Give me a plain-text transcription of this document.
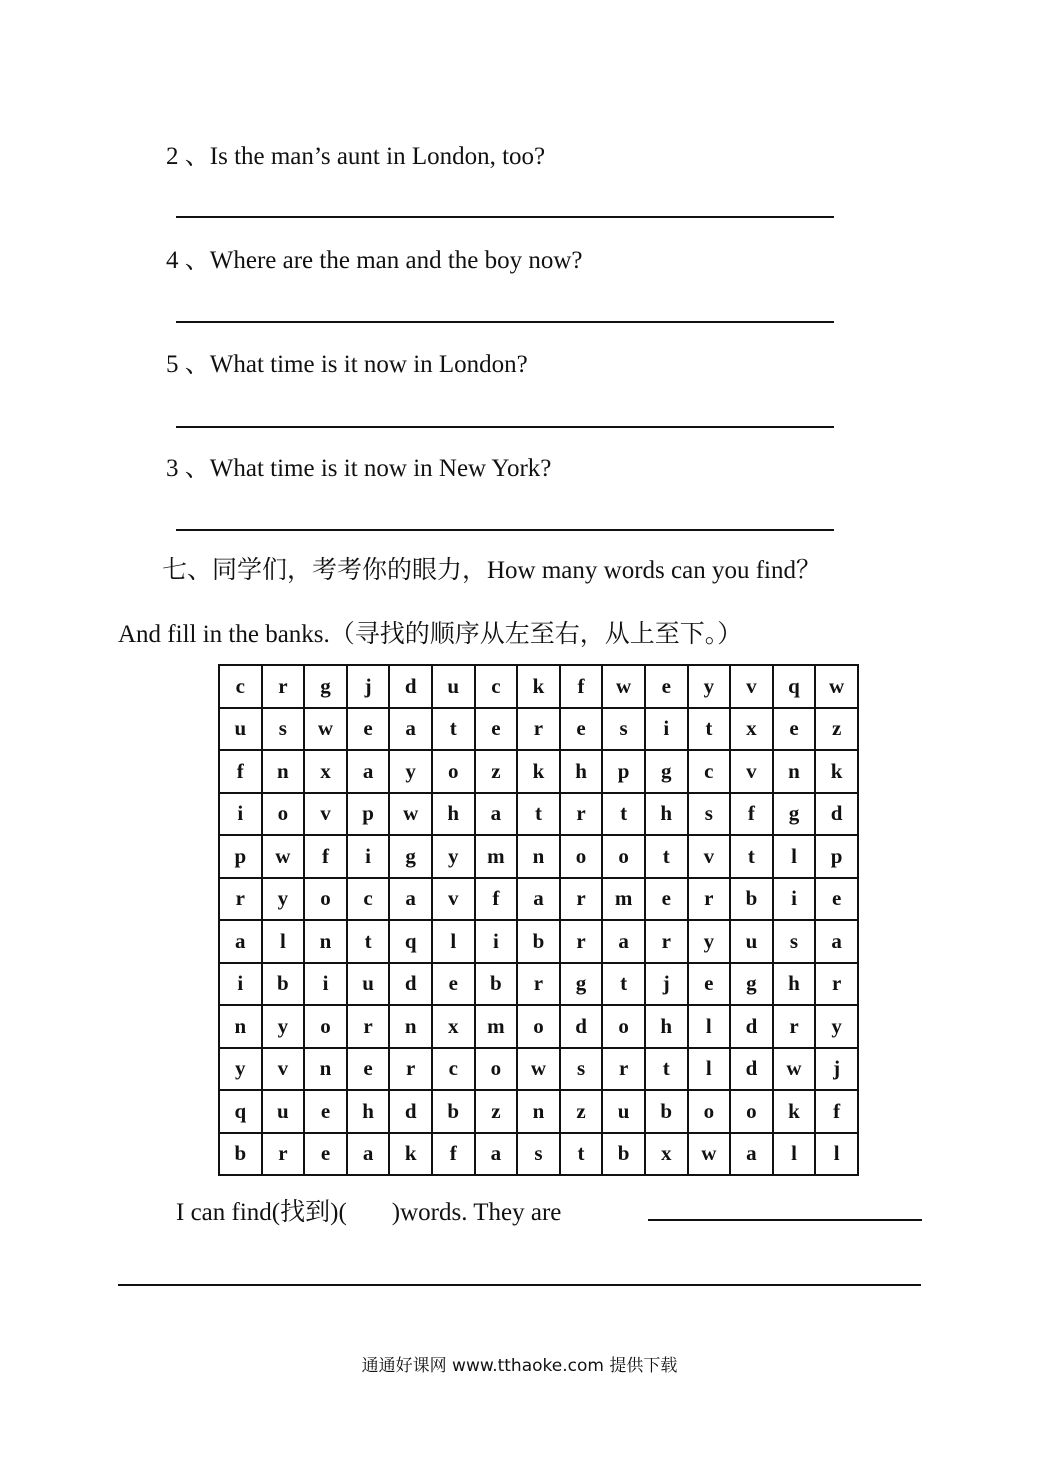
2 、Is the man’s aunt in London, too?
4 、Where are the man and the boy now?
5 、What time is it now in London?
3 、What time is it now in New York?
七、同学们，考考你的眼力，How many words can you find？
And fill in the banks.（寻找的顺序从左至右，从上至下。）
c	r	g	j	d	u	c	k	f	w	e	y	v	q	w
u	s	w	e	a	t	e	r	e	s	i	t	x	e	z
f	n	x	a	y	o	z	k	h	p	g	c	v	n	k
i	o	v	p	w	h	a	t	r	t	h	s	f	g	d
p	w	f	i	g	y	m	n	o	o	t	v	t	l	p
r	y	o	c	a	v	f	a	r	m	e	r	b	i	e
a	l	n	t	q	l	i	b	r	a	r	y	u	s	a
i	b	i	u	d	e	b	r	g	t	j	e	g	h	r
n	y	o	r	n	x	m	o	d	o	h	l	d	r	y
y	v	n	e	r	c	o	w	s	r	t	l	d	w	j
q	u	e	h	d	b	z	n	z	u	b	o	o	k	f
b	r	e	a	k	f	a	s	t	b	x	w	a	l	l
I can find(找到)( )words. They are
通通好课网 www.tthaoke.com 提供下载
